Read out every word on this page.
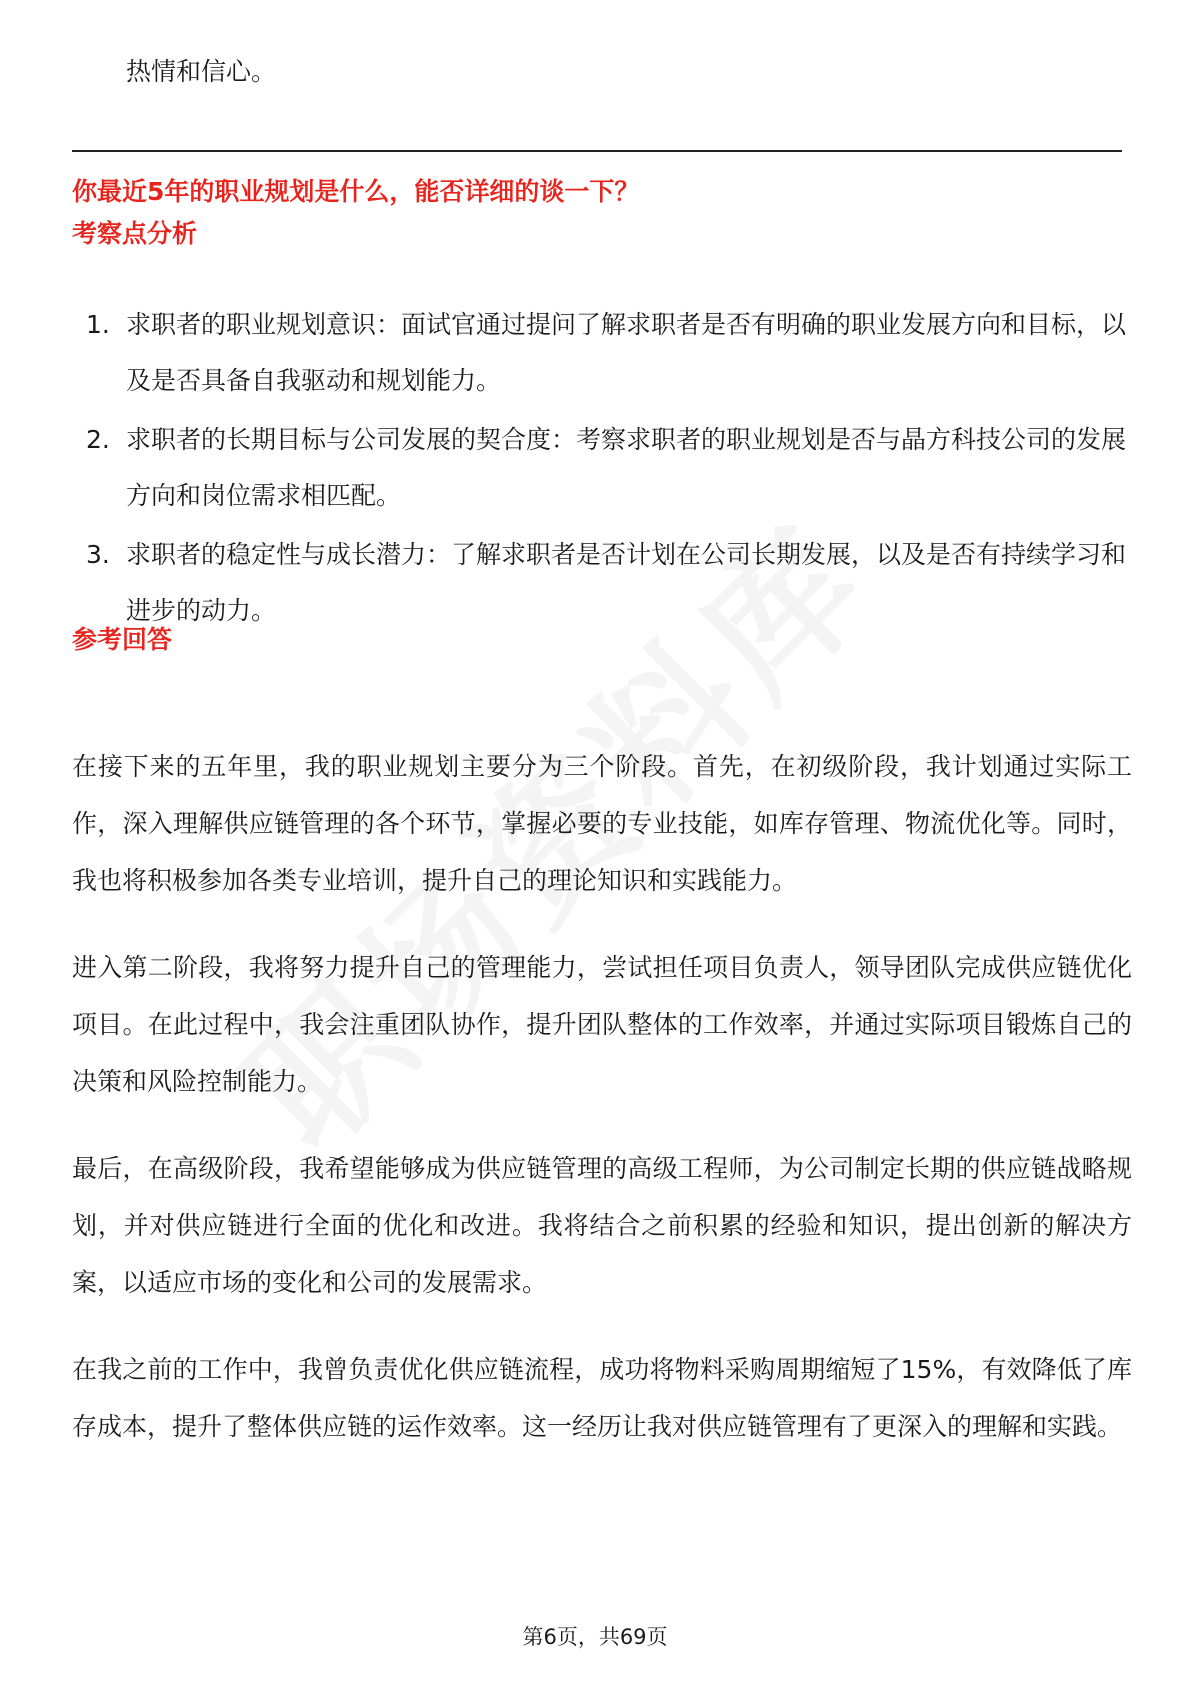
热情和信心。

你最近5年的职业规划是什么，能否详细的谈一下？
考察点分析
1. 求职者的职业规划意识：面试官通过提问了解求职者是否有明确的职业发展方向和目标，以及是否具备自我驱动和规划能力。
2. 求职者的长期目标与公司发展的契合度：考察求职者的职业规划是否与晶方科技公司的发展方向和岗位需求相匹配。
3. 求职者的稳定性与成长潜力：了解求职者是否计划在公司长期发展，以及是否有持续学习和进步的动力。
参考回答

在接下来的五年里，我的职业规划主要分为三个阶段。首先，在初级阶段，我计划通过实际工作，深入理解供应链管理的各个环节，掌握必要的专业技能，如库存管理、物流优化等。同时，我也将积极参加各类专业培训，提升自己的理论知识和实践能力。

进入第二阶段，我将努力提升自己的管理能力，尝试担任项目负责人，领导团队完成供应链优化项目。在此过程中，我会注重团队协作，提升团队整体的工作效率，并通过实际项目锻炼自己的决策和风险控制能力。

最后，在高级阶段，我希望能够成为供应链管理的高级工程师，为公司制定长期的供应链战略规划，并对供应链进行全面的优化和改进。我将结合之前积累的经验和知识，提出创新的解决方案，以适应市场的变化和公司的发展需求。

在我之前的工作中，我曾负责优化供应链流程，成功将物料采购周期缩短了15%，有效降低了库存成本，提升了整体供应链的运作效率。这一经历让我对供应链管理有了更深入的理解和实践。

第6页，共69页
